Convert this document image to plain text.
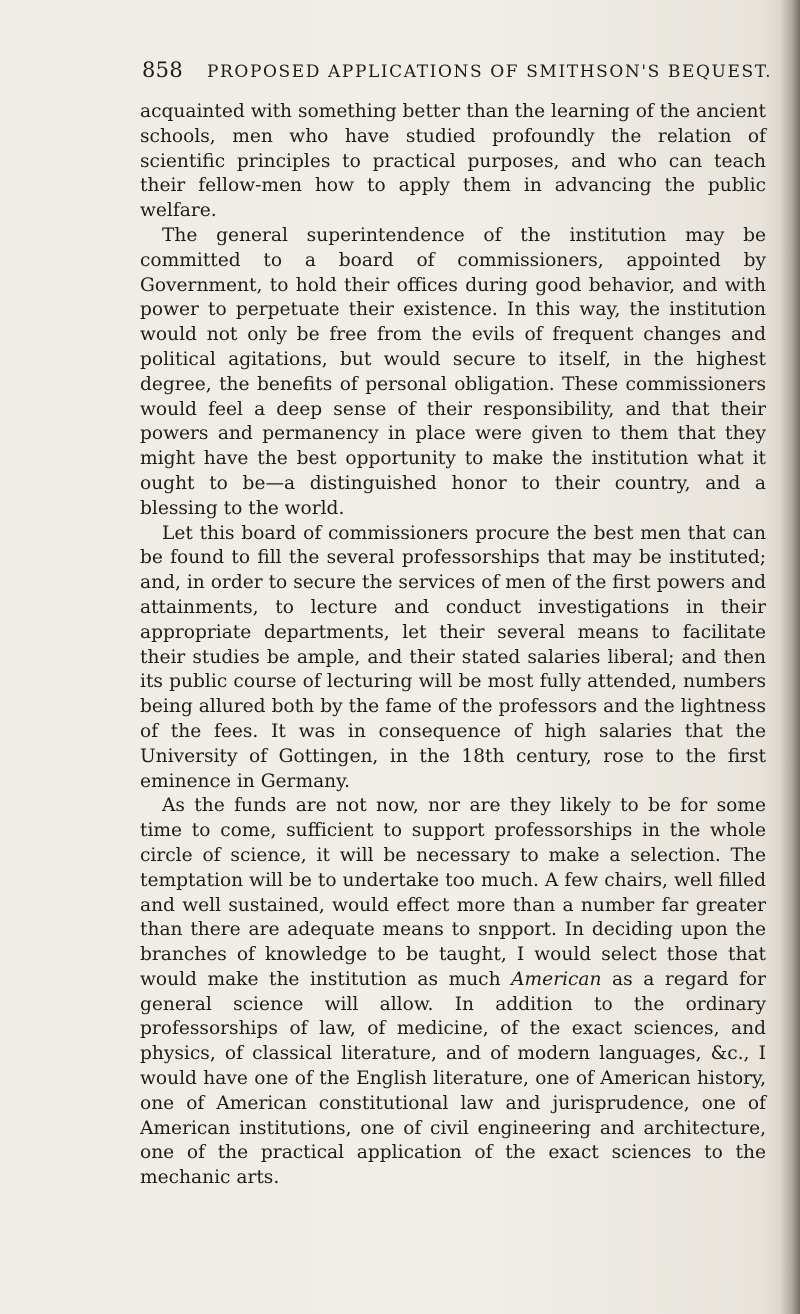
858 PROPOSED APPLICATIONS OF SMITHSON'S BEQUEST.

acquainted with something better than the learning of the ancient schools, men who have studied profoundly the relation of scientific principles to practical purposes, and who can teach their fellow-men how to apply them in advancing the public welfare.

The general superintendence of the institution may be committed to a board of commissioners, appointed by Government, to hold their offices during good behavior, and with power to perpetuate their existence. In this way, the institution would not only be free from the evils of frequent changes and political agitations, but would secure to itself, in the highest degree, the benefits of personal obligation. These commissioners would feel a deep sense of their responsibility, and that their powers and permanency in place were given to them that they might have the best opportunity to make the institution what it ought to be—a distinguished honor to their country, and a blessing to the world.

Let this board of commissioners procure the best men that can be found to fill the several professorships that may be instituted; and, in order to secure the services of men of the first powers and attainments, to lecture and conduct investigations in their appropriate departments, let their several means to facilitate their studies be ample, and their stated salaries liberal; and then its public course of lecturing will be most fully attended, numbers being allured both by the fame of the professors and the lightness of the fees. It was in consequence of high salaries that the University of Gottingen, in the 18th century, rose to the first eminence in Germany.

As the funds are not now, nor are they likely to be for some time to come, sufficient to support professorships in the whole circle of science, it will be necessary to make a selection. The temptation will be to undertake too much. A few chairs, well filled and well sustained, would effect more than a number far greater than there are adequate means to snpport. In deciding upon the branches of knowledge to be taught, I would select those that would make the institution as much American as a regard for general science will allow. In addition to the ordinary professorships of law, of medicine, of the exact sciences, and physics, of classical literature, and of modern languages, &c., I would have one of the English literature, one of American history, one of American constitutional law and jurisprudence, one of American institutions, one of civil engineering and architecture, one of the practical application of the exact sciences to the mechanic arts.
